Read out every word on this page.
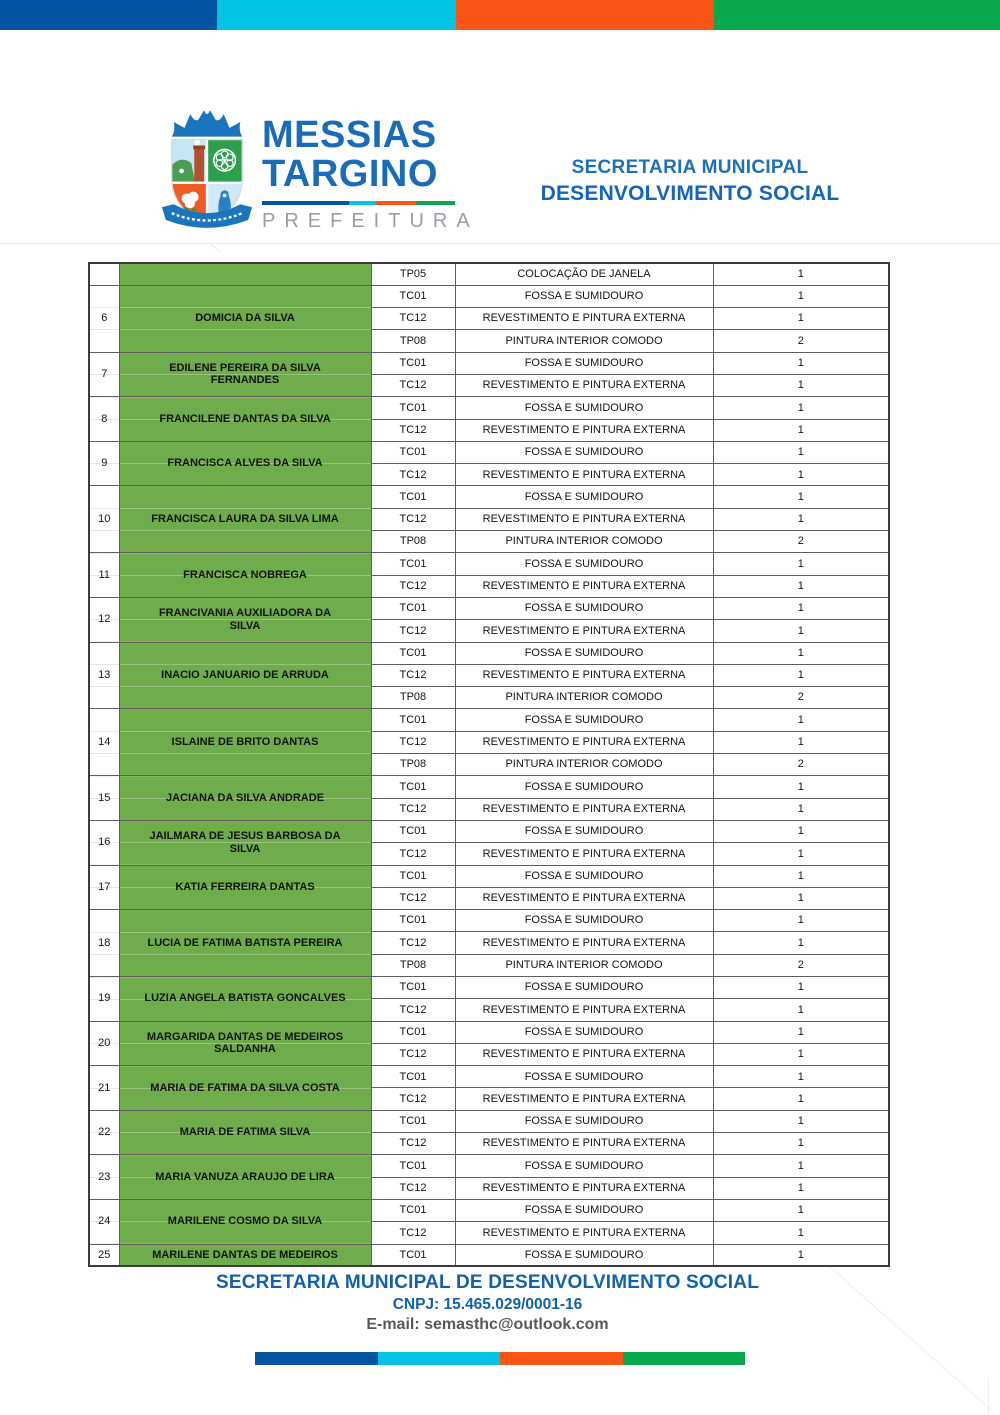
MESSIAS
TARGINO
PREFEITURA
SECRETARIA MUNICIPAL
DESENVOLVIMENTO SOCIAL
		TP05	COLOCAÇÃO DE JANELA	1
6	DOMICIA DA SILVA	TC01	FOSSA E SUMIDOURO	1
		TC12	REVESTIMENTO E PINTURA EXTERNA	1
		TP08	PINTURA INTERIOR COMODO	2
7	EDILENE PEREIRA DA SILVA FERNANDES	TC01	FOSSA E SUMIDOURO	1
		TC12	REVESTIMENTO E PINTURA EXTERNA	1
8	FRANCILENE DANTAS DA SILVA	TC01	FOSSA E SUMIDOURO	1
		TC12	REVESTIMENTO E PINTURA EXTERNA	1
9	FRANCISCA ALVES DA SILVA	TC01	FOSSA E SUMIDOURO	1
		TC12	REVESTIMENTO E PINTURA EXTERNA	1
10	FRANCISCA LAURA DA SILVA LIMA	TC01	FOSSA E SUMIDOURO	1
		TC12	REVESTIMENTO E PINTURA EXTERNA	1
		TP08	PINTURA INTERIOR COMODO	2
11	FRANCISCA NOBREGA	TC01	FOSSA E SUMIDOURO	1
		TC12	REVESTIMENTO E PINTURA EXTERNA	1
12	FRANCIVANIA AUXILIADORA DA SILVA	TC01	FOSSA E SUMIDOURO	1
		TC12	REVESTIMENTO E PINTURA EXTERNA	1
13	INACIO JANUARIO DE ARRUDA	TC01	FOSSA E SUMIDOURO	1
		TC12	REVESTIMENTO E PINTURA EXTERNA	1
		TP08	PINTURA INTERIOR COMODO	2
14	ISLAINE DE BRITO DANTAS	TC01	FOSSA E SUMIDOURO	1
		TC12	REVESTIMENTO E PINTURA EXTERNA	1
		TP08	PINTURA INTERIOR COMODO	2
15	JACIANA DA SILVA ANDRADE	TC01	FOSSA E SUMIDOURO	1
		TC12	REVESTIMENTO E PINTURA EXTERNA	1
16	JAILMARA DE JESUS BARBOSA DA SILVA	TC01	FOSSA E SUMIDOURO	1
		TC12	REVESTIMENTO E PINTURA EXTERNA	1
17	KATIA FERREIRA DANTAS	TC01	FOSSA E SUMIDOURO	1
		TC12	REVESTIMENTO E PINTURA EXTERNA	1
18	LUCIA DE FATIMA BATISTA PEREIRA	TC01	FOSSA E SUMIDOURO	1
		TC12	REVESTIMENTO E PINTURA EXTERNA	1
		TP08	PINTURA INTERIOR COMODO	2
19	LUZIA ANGELA BATISTA GONCALVES	TC01	FOSSA E SUMIDOURO	1
		TC12	REVESTIMENTO E PINTURA EXTERNA	1
20	MARGARIDA DANTAS DE MEDEIROS SALDANHA	TC01	FOSSA E SUMIDOURO	1
		TC12	REVESTIMENTO E PINTURA EXTERNA	1
21	MARIA DE FATIMA DA SILVA COSTA	TC01	FOSSA E SUMIDOURO	1
		TC12	REVESTIMENTO E PINTURA EXTERNA	1
22	MARIA DE FATIMA SILVA	TC01	FOSSA E SUMIDOURO	1
		TC12	REVESTIMENTO E PINTURA EXTERNA	1
23	MARIA VANUZA ARAUJO DE LIRA	TC01	FOSSA E SUMIDOURO	1
		TC12	REVESTIMENTO E PINTURA EXTERNA	1
24	MARILENE COSMO DA SILVA	TC01	FOSSA E SUMIDOURO	1
		TC12	REVESTIMENTO E PINTURA EXTERNA	1
25	MARILENE DANTAS DE MEDEIROS	TC01	FOSSA E SUMIDOURO	1
SECRETARIA MUNICIPAL DE DESENVOLVIMENTO SOCIAL
CNPJ: 15.465.029/0001-16
E-mail: semasthc@outlook.com
